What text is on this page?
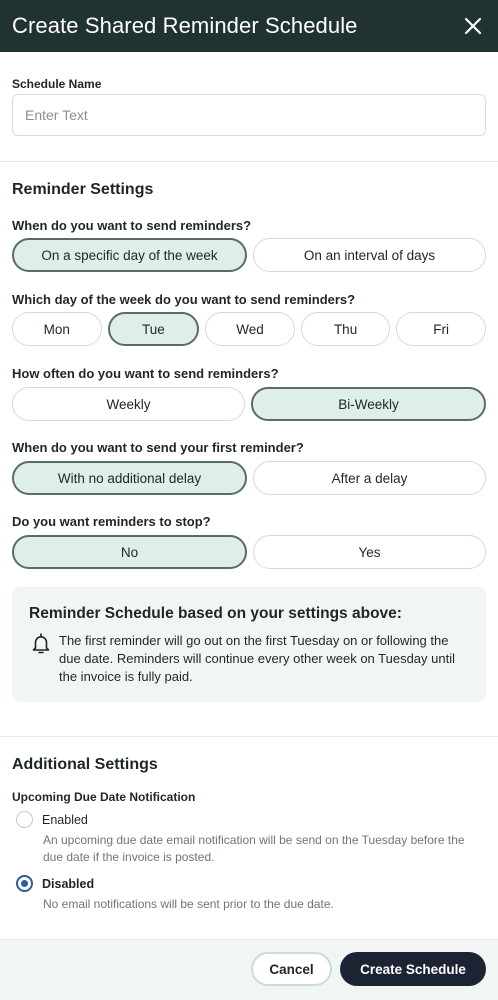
Create Shared Reminder Schedule
Schedule Name
Enter Text
Reminder Settings
When do you want to send reminders?
On a specific day of the week	On an interval of days
Which day of the week do you want to send reminders?
Mon	Tue	Wed	Thu	Fri
How often do you want to send reminders?
Weekly	Bi-Weekly
When do you want to send your first reminder?
With no additional delay	After a delay
Do you want reminders to stop?
No	Yes
Reminder Schedule based on your settings above:
The first reminder will go out on the first Tuesday on or following the due date. Reminders will continue every other week on Tuesday until the invoice is fully paid.
Additional Settings
Upcoming Due Date Notification
Enabled
An upcoming due date email notification will be send on the Tuesday before the due date if the invoice is posted.
Disabled
No email notifications will be sent prior to the due date.
Cancel	Create Schedule
